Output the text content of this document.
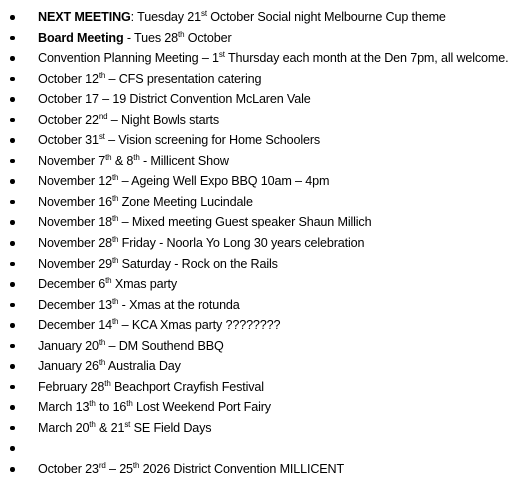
NEXT MEETING: Tuesday 21st October Social night Melbourne Cup theme
Board Meeting - Tues 28th October
Convention Planning Meeting – 1st Thursday each month at the Den 7pm, all welcome.
October 12th – CFS presentation catering
October 17 – 19 District Convention McLaren Vale
October 22nd – Night Bowls starts
October 31st – Vision screening for Home Schoolers
November 7th & 8th - Millicent Show
November 12th – Ageing Well Expo BBQ 10am – 4pm
November 16th Zone Meeting Lucindale
November 18th – Mixed meeting Guest speaker Shaun Millich
November 28th Friday - Noorla Yo Long 30 years celebration
November 29th Saturday - Rock on the Rails
December 6th Xmas party
December 13th - Xmas at the rotunda
December 14th – KCA Xmas party ????????
January 20th – DM Southend BBQ
January 26th Australia Day
February 28th Beachport Crayfish Festival
March 13th to 16th Lost Weekend Port Fairy
March 20th & 21st SE Field Days
October 23rd – 25th 2026 District Convention MILLICENT
